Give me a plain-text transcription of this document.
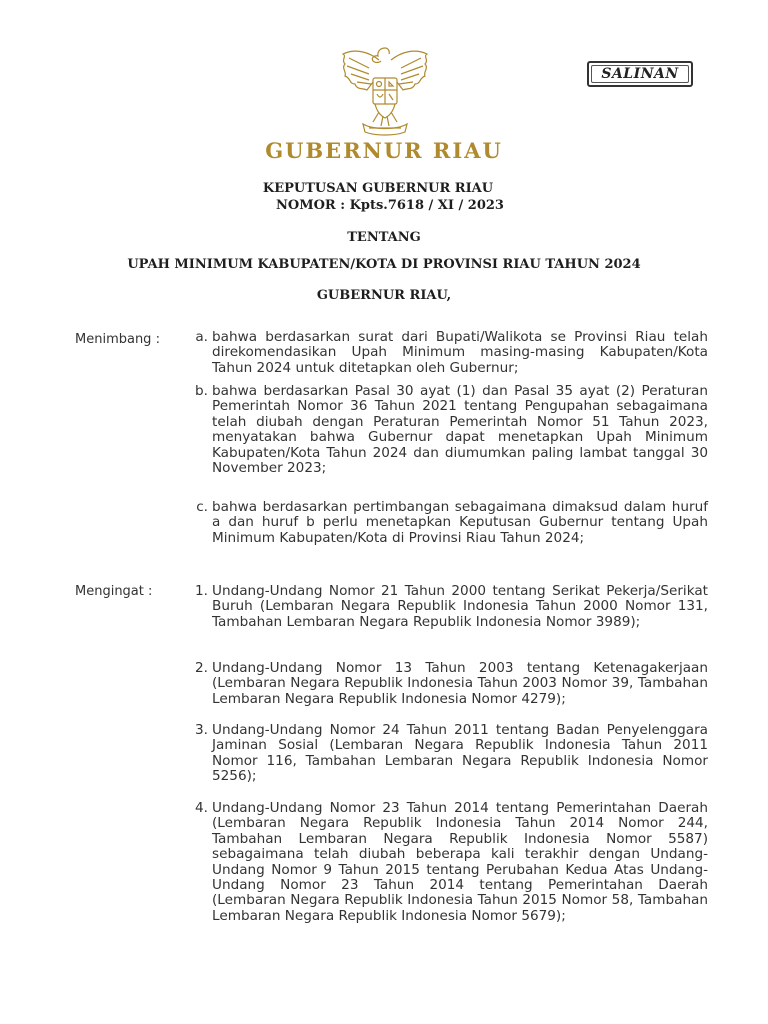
SALINAN
GUBERNUR RIAU
KEPUTUSAN GUBERNUR RIAU
NOMOR : Kpts.7618 / XI / 2023
TENTANG
UPAH MINIMUM KABUPATEN/KOTA DI PROVINSI RIAU TAHUN 2024
GUBERNUR RIAU,
Menimbang :	a. bahwa berdasarkan surat dari Bupati/Walikota se Provinsi Riau telah direkomendasikan Upah Minimum masing-masing Kabupaten/Kota Tahun 2024 untuk ditetapkan oleh Gubernur;
b. bahwa berdasarkan Pasal 30 ayat (1) dan Pasal 35 ayat (2) Peraturan Pemerintah Nomor 36 Tahun 2021 tentang Pengupahan sebagaimana telah diubah dengan Peraturan Pemerintah Nomor 51 Tahun 2023, menyatakan bahwa Gubernur dapat menetapkan Upah Minimum Kabupaten/Kota Tahun 2024 dan diumumkan paling lambat tanggal 30 November 2023;
c. bahwa berdasarkan pertimbangan sebagaimana dimaksud dalam huruf a dan huruf b perlu menetapkan Keputusan Gubernur tentang Upah Minimum Kabupaten/Kota di Provinsi Riau Tahun 2024;
Mengingat :	1. Undang-Undang Nomor 21 Tahun 2000 tentang Serikat Pekerja/Serikat Buruh (Lembaran Negara Republik Indonesia Tahun 2000 Nomor 131, Tambahan Lembaran Negara Republik Indonesia Nomor 3989);
2. Undang-Undang Nomor 13 Tahun 2003 tentang Ketenagakerjaan (Lembaran Negara Republik Indonesia Tahun 2003 Nomor 39, Tambahan Lembaran Negara Republik Indonesia Nomor 4279);
3. Undang-Undang Nomor 24 Tahun 2011 tentang Badan Penyelenggara Jaminan Sosial (Lembaran Negara Republik Indonesia Tahun 2011 Nomor 116, Tambahan Lembaran Negara Republik Indonesia Nomor 5256);
4. Undang-Undang Nomor 23 Tahun 2014 tentang Pemerintahan Daerah (Lembaran Negara Republik Indonesia Tahun 2014 Nomor 244, Tambahan Lembaran Negara Republik Indonesia Nomor 5587) sebagaimana telah diubah beberapa kali terakhir dengan Undang-Undang Nomor 9 Tahun 2015 tentang Perubahan Kedua Atas Undang-Undang Nomor 23 Tahun 2014 tentang Pemerintahan Daerah (Lembaran Negara Republik Indonesia Tahun 2015 Nomor 58, Tambahan Lembaran Negara Republik Indonesia Nomor 5679);
